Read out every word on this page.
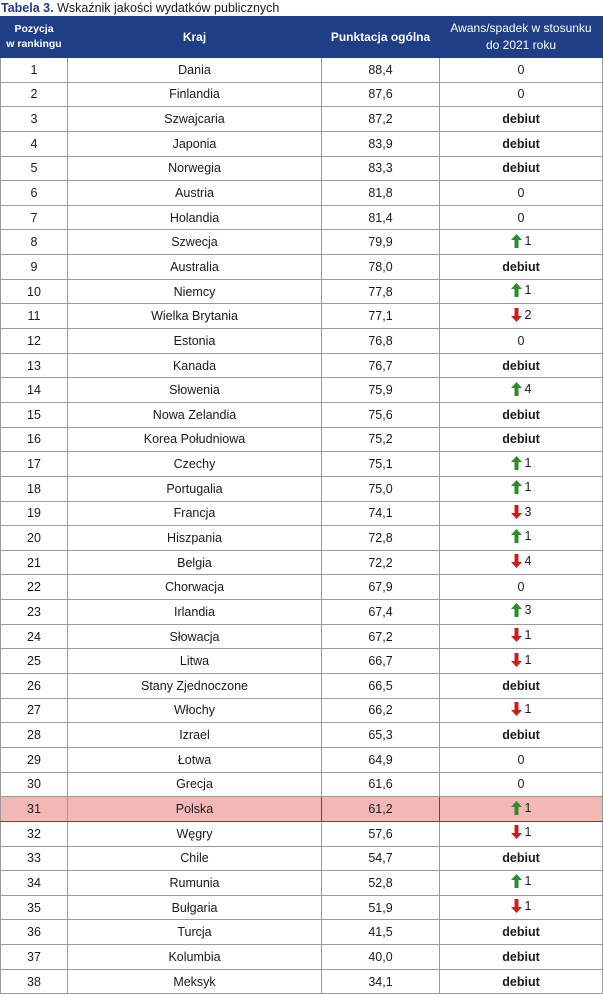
Tabela 3. Wskaźnik jakości wydatków publicznych
Pozycja
w rankingu	Kraj	Punktacja ogólna	Awans/spadek w stosunku
do 2021 roku

1	Dania	88,4	0

2	Finlandia	87,6	0

3	Szwajcaria	87,2	debiut

4	Japonia	83,9	debiut

5	Norwegia	83,3	debiut

6	Austria	81,8	0

7	Holandia	81,4	0

8	Szwecja	79,9	1

9	Australia	78,0	debiut

10	Niemcy	77,8	1

11	Wielka Brytania	77,1	2

12	Estonia	76,8	0

13	Kanada	76,7	debiut

14	Słowenia	75,9	4

15	Nowa Zelandia	75,6	debiut

16	Korea Południowa	75,2	debiut

17	Czechy	75,1	1

18	Portugalia	75,0	1

19	Francja	74,1	3

20	Hiszpania	72,8	1

21	Belgia	72,2	4

22	Chorwacja	67,9	0

23	Irlandia	67,4	3

24	Słowacja	67,2	1

25	Litwa	66,7	1

26	Stany Zjednoczone	66,5	debiut

27	Włochy	66,2	1

28	Izrael	65,3	debiut

29	Łotwa	64,9	0

30	Grecja	61,6	0

31	Polska	61,2	1

32	Węgry	57,6	1

33	Chile	54,7	debiut

34	Rumunia	52,8	1

35	Bułgaria	51,9	1

36	Turcja	41,5	debiut

37	Kolumbia	40,0	debiut

38	Meksyk	34,1	debiut
